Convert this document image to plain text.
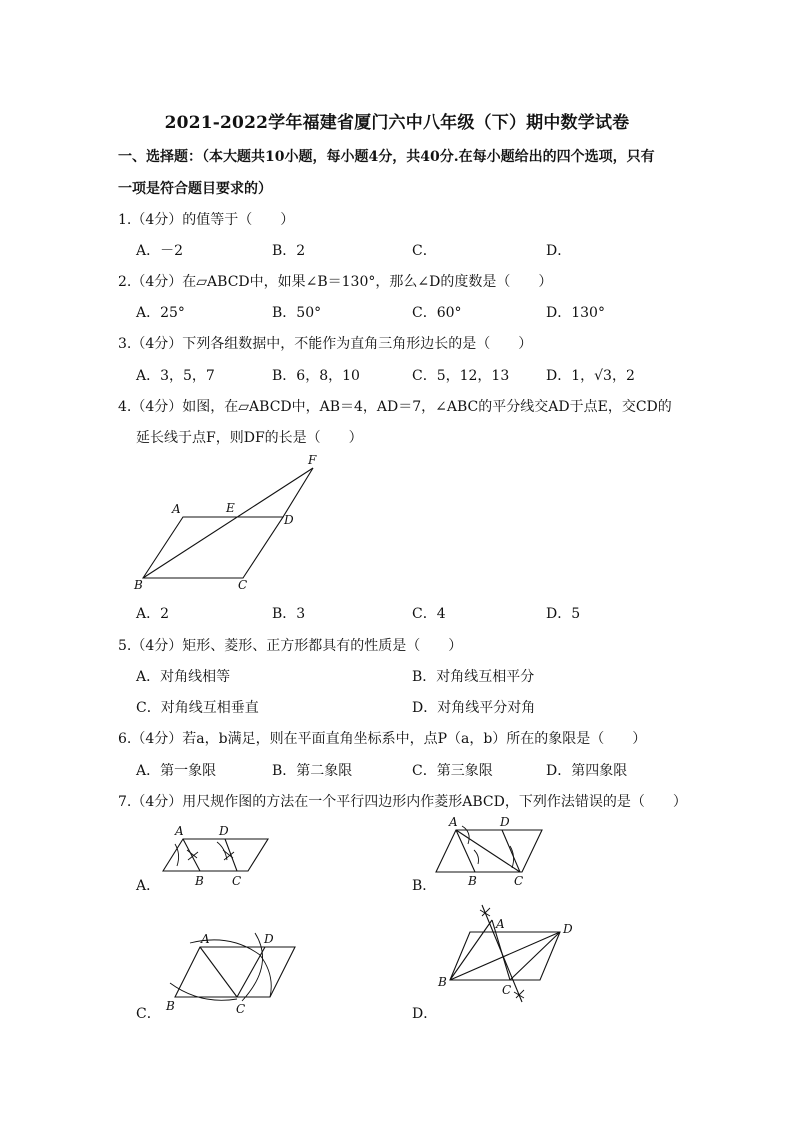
2021-2022学年福建省厦门六中八年级（下）期中数学试卷
一、选择题：（本大题共10小题，每小题4分，共40分.在每小题给出的四个选项，只有
一项是符合题目要求的）
1.（4分）的值等于（　　）
A．－2	B．2	C．	D．
2.（4分）在▱ABCD中，如果∠B＝130°，那么∠D的度数是（　　）
A．25°	B．50°	C．60°	D．130°
3.（4分）下列各组数据中，不能作为直角三角形边长的是（　　）
A．3，5，7	B．6，8，10	C．5，12，13	D．1，√3，2
4.（4分）如图，在▱ABCD中，AB＝4，AD＝7，∠ABC的平分线交AD于点E，交CD的
延长线于点F，则DF的长是（　　）
A
B	C
D
E
F
A．2	B．3	C．4	D．5
5.（4分）矩形、菱形、正方形都具有的性质是（　　）
A．对角线相等	B．对角线互相平分
C．对角线互相垂直	D．对角线平分对角
6.（4分）若a，b满足，则在平面直角坐标系中，点P（a，b）所在的象限是（　　）
A．第一象限	B．第二象限	C．第三象限	D．第四象限
7.（4分）用尺规作图的方法在一个平行四边形内作菱形ABCD，下列作法错误的是（　　）
A	D
B C
A．
A	D
B	C
B．
A	D
B	C
C．
A	D
B
C
D．
